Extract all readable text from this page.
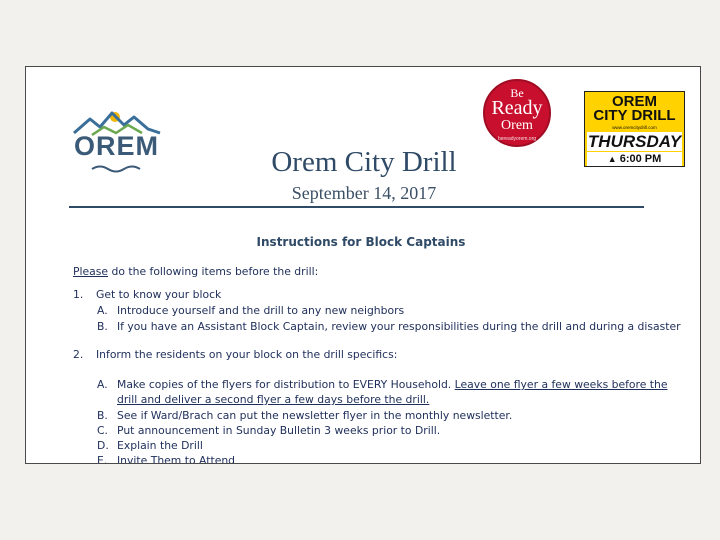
OREM
Be
Ready
Orem
bereadyorem.org
OREM
CITY DRILL
www.oremcitydrill.com
THURSDAY
▲ 6:00 PM
Orem City Drill
September 14, 2017
Instructions for Block Captains
Please do the following items before the drill:
1. Get to know your block
A. Introduce yourself and the drill to any new neighbors
B. If you have an Assistant Block Captain, review your responsibilities during the drill and during a disaster
2. Inform the residents on your block on the drill specifics:
A. Make copies of the flyers for distribution to EVERY Household. Leave one flyer a few weeks before the
drill and deliver a second flyer a few days before the drill.
B. See if Ward/Brach can put the newsletter flyer in the monthly newsletter.
C. Put announcement in Sunday Bulletin 3 weeks prior to Drill.
D. Explain the Drill
E. Invite Them to Attend
